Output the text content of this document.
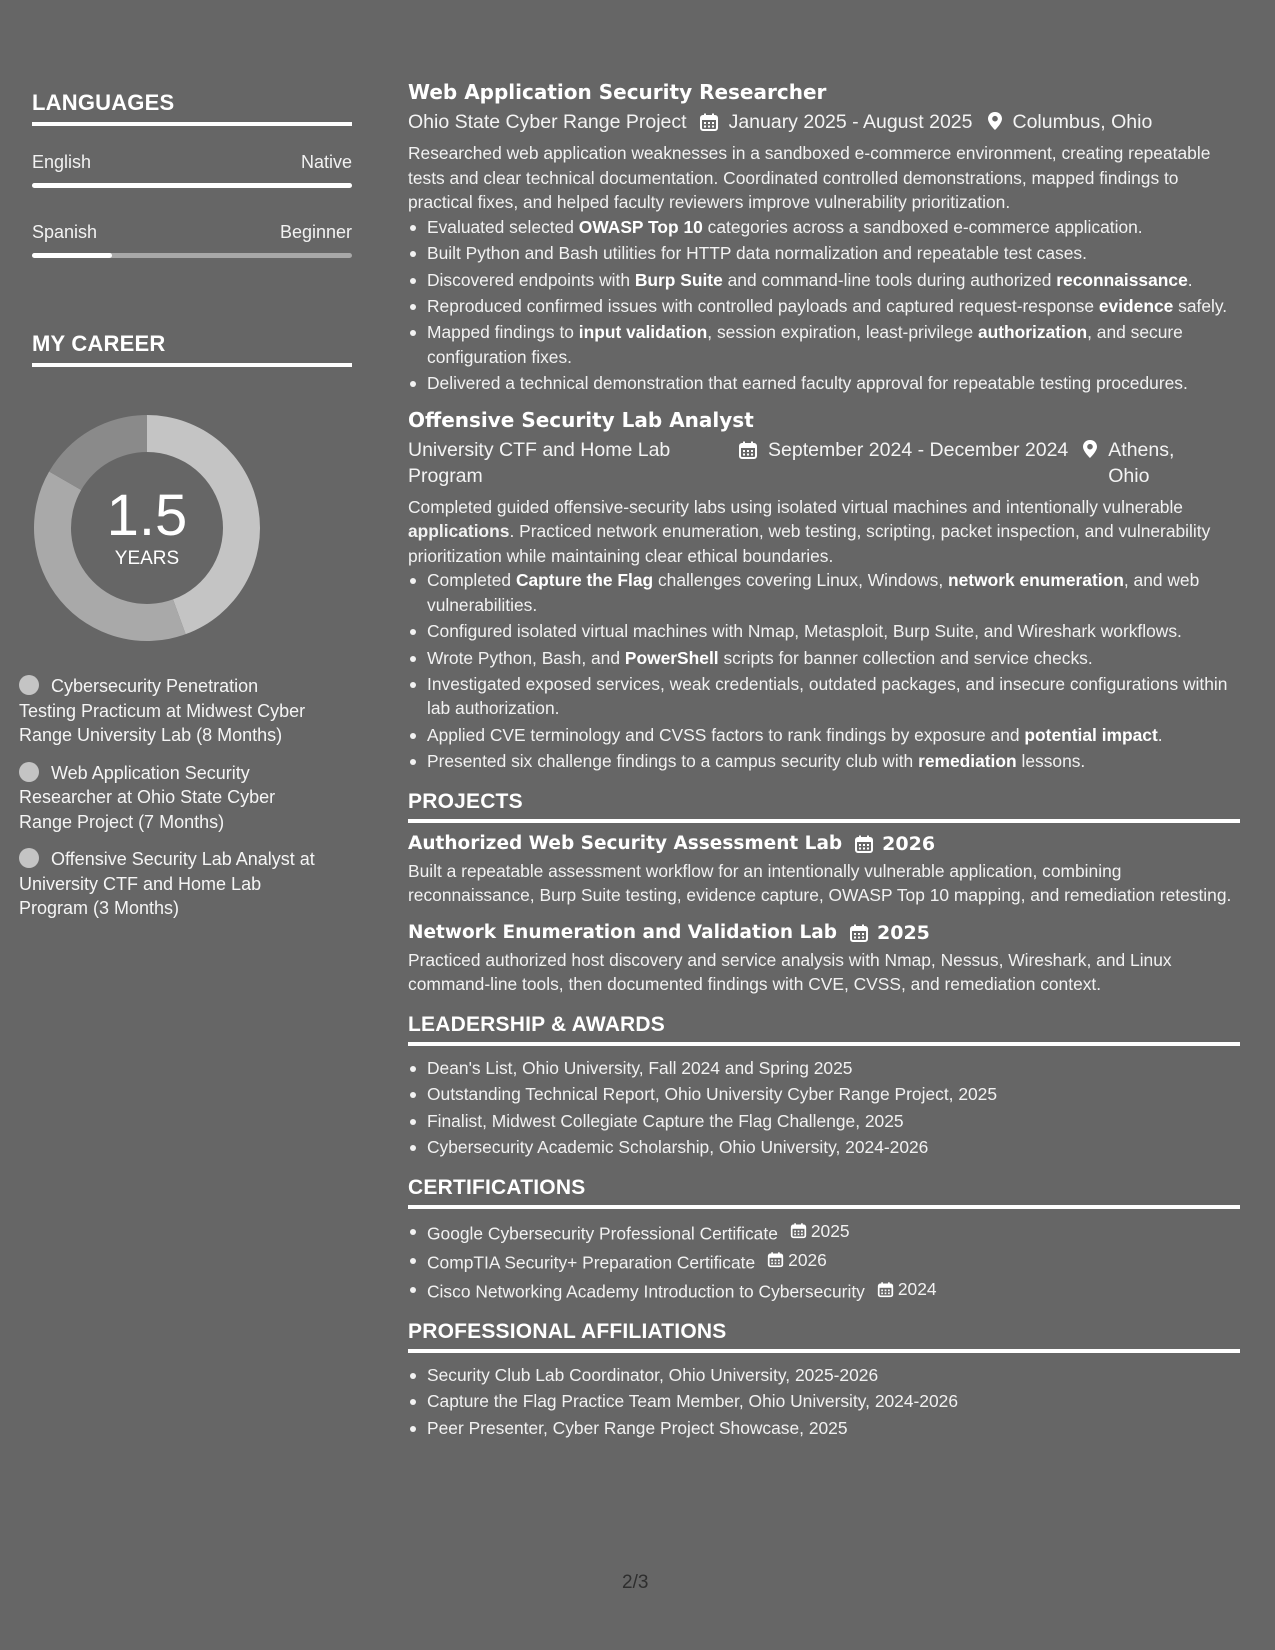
LANGUAGES
English	Native
Spanish	Beginner
MY CAREER
1.5
YEARS
Cybersecurity Penetration Testing Practicum at Midwest Cyber Range University Lab (8 Months)
Web Application Security Researcher at Ohio State Cyber Range Project (7 Months)
Offensive Security Lab Analyst at University CTF and Home Lab Program (3 Months)
Web Application Security Researcher
Ohio State Cyber Range Project January 2025 - August 2025 Columbus, Ohio
Researched web application weaknesses in a sandboxed e-commerce environment, creating repeatable tests and clear technical documentation. Coordinated controlled demonstrations, mapped findings to practical fixes, and helped faculty reviewers improve vulnerability prioritization.
Evaluated selected OWASP Top 10 categories across a sandboxed e-commerce application.
Built Python and Bash utilities for HTTP data normalization and repeatable test cases.
Discovered endpoints with Burp Suite and command-line tools during authorized reconnaissance.
Reproduced confirmed issues with controlled payloads and captured request-response evidence safely.
Mapped findings to input validation, session expiration, least-privilege authorization, and secure configuration fixes.
Delivered a technical demonstration that earned faculty approval for repeatable testing procedures.
Offensive Security Lab Analyst
University CTF and Home Lab Program
September 2024 - December 2024 Athens, Ohio
Completed guided offensive-security labs using isolated virtual machines and intentionally vulnerable applications. Practiced network enumeration, web testing, scripting, packet inspection, and vulnerability prioritization while maintaining clear ethical boundaries.
Completed Capture the Flag challenges covering Linux, Windows, network enumeration, and web vulnerabilities.
Configured isolated virtual machines with Nmap, Metasploit, Burp Suite, and Wireshark workflows.
Wrote Python, Bash, and PowerShell scripts for banner collection and service checks.
Investigated exposed services, weak credentials, outdated packages, and insecure configurations within lab authorization.
Applied CVE terminology and CVSS factors to rank findings by exposure and potential impact.
Presented six challenge findings to a campus security club with remediation lessons.
PROJECTS
Authorized Web Security Assessment Lab 2026
Built a repeatable assessment workflow for an intentionally vulnerable application, combining reconnaissance, Burp Suite testing, evidence capture, OWASP Top 10 mapping, and remediation retesting.
Network Enumeration and Validation Lab 2025
Practiced authorized host discovery and service analysis with Nmap, Nessus, Wireshark, and Linux command-line tools, then documented findings with CVE, CVSS, and remediation context.
LEADERSHIP & AWARDS
Dean's List, Ohio University, Fall 2024 and Spring 2025
Outstanding Technical Report, Ohio University Cyber Range Project, 2025
Finalist, Midwest Collegiate Capture the Flag Challenge, 2025
Cybersecurity Academic Scholarship, Ohio University, 2024-2026
CERTIFICATIONS
Google Cybersecurity Professional Certificate 2025
CompTIA Security+ Preparation Certificate 2026
Cisco Networking Academy Introduction to Cybersecurity 2024
PROFESSIONAL AFFILIATIONS
Security Club Lab Coordinator, Ohio University, 2025-2026
Capture the Flag Practice Team Member, Ohio University, 2024-2026
Peer Presenter, Cyber Range Project Showcase, 2025
2/3
